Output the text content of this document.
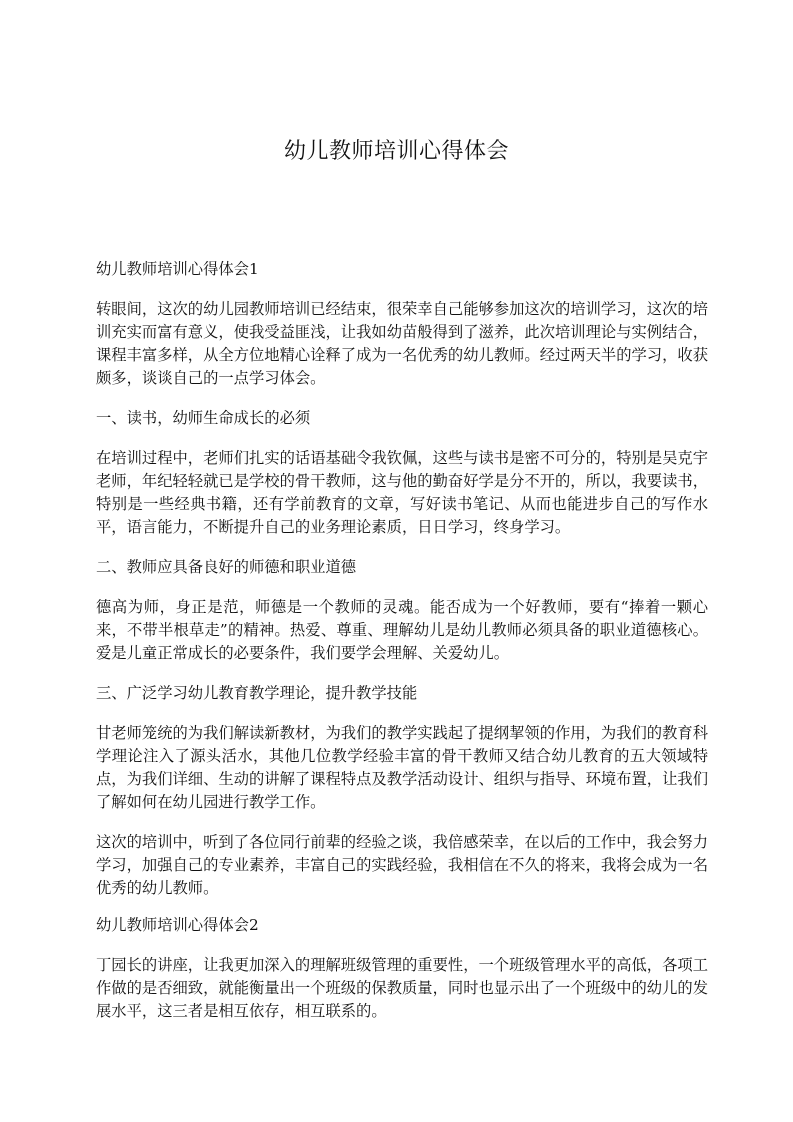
幼儿教师培训心得体会

幼儿教师培训心得体会1

转眼间，这次的幼儿园教师培训已经结束，很荣幸自己能够参加这次的培训学习，这次的培训充实而富有意义，使我受益匪浅，让我如幼苗般得到了滋养，此次培训理论与实例结合，课程丰富多样，从全方位地精心诠释了成为一名优秀的幼儿教师。经过两天半的学习，收获颇多，谈谈自己的一点学习体会。

一、读书，幼师生命成长的必须

在培训过程中，老师们扎实的话语基础令我钦佩，这些与读书是密不可分的，特别是吴克宇老师，年纪轻轻就已是学校的骨干教师，这与他的勤奋好学是分不开的，所以，我要读书，特别是一些经典书籍，还有学前教育的文章，写好读书笔记、从而也能进步自己的写作水平，语言能力，不断提升自己的业务理论素质，日日学习，终身学习。

二、教师应具备良好的师德和职业道德

德高为师，身正是范，师德是一个教师的灵魂。能否成为一个好教师，要有“捧着一颗心来，不带半根草走”的精神。热爱、尊重、理解幼儿是幼儿教师必须具备的职业道德核心。爱是儿童正常成长的必要条件，我们要学会理解、关爱幼儿。

三、广泛学习幼儿教育教学理论，提升教学技能

甘老师笼统的为我们解读新教材，为我们的教学实践起了提纲挈领的作用，为我们的教育科学理论注入了源头活水，其他几位教学经验丰富的骨干教师又结合幼儿教育的五大领域特点，为我们详细、生动的讲解了课程特点及教学活动设计、组织与指导、环境布置，让我们了解如何在幼儿园进行教学工作。

这次的培训中，听到了各位同行前辈的经验之谈，我倍感荣幸，在以后的工作中，我会努力学习，加强自己的专业素养，丰富自己的实践经验，我相信在不久的将来，我将会成为一名优秀的幼儿教师。

幼儿教师培训心得体会2

丁园长的讲座，让我更加深入的理解班级管理的重要性，一个班级管理水平的高低，各项工作做的是否细致，就能衡量出一个班级的保教质量，同时也显示出了一个班级中的幼儿的发展水平，这三者是相互依存，相互联系的。
